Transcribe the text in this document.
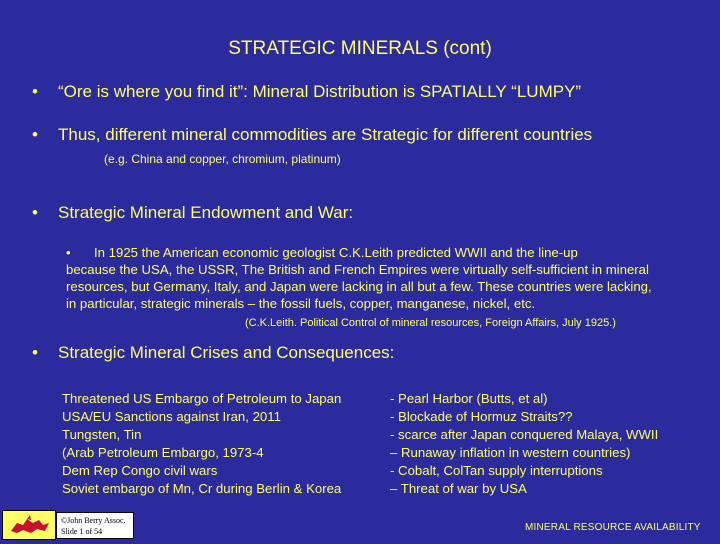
STRATEGIC MINERALS (cont)
• “Ore is where you find it”: Mineral Distribution is SPATIALLY “LUMPY”
• Thus, different mineral commodities are Strategic for different countries
(e.g. China and copper, chromium, platinum)
• Strategic Mineral Endowment and War:
• In 1925 the American economic geologist C.K.Leith predicted WWII and the line-up
because the USA, the USSR, The British and French Empires were virtually self-sufficient in mineral
resources, but Germany, Italy, and Japan were lacking in all but a few. These countries were lacking,
in particular, strategic minerals – the fossil fuels, copper, manganese, nickel, etc.
(C.K.Leith. Political Control of mineral resources, Foreign Affairs, July 1925.)
• Strategic Mineral Crises and Consequences:
Threatened US Embargo of Petroleum to Japan
USA/EU Sanctions against Iran, 2011
Tungsten, Tin
(Arab Petroleum Embargo, 1973-4
Dem Rep Congo civil wars
Soviet embargo of Mn, Cr during Berlin & Korea
- Pearl Harbor (Butts, et al)
- Blockade of Hormuz Straits??
- scarce after Japan conquered Malaya, WWII
– Runaway inflation in western countries)
- Cobalt, ColTan supply interruptions
– Threat of war by USA
©John Berry Assoc.
Slide 1 of 54	MINERAL RESOURCE AVAILABILITY
